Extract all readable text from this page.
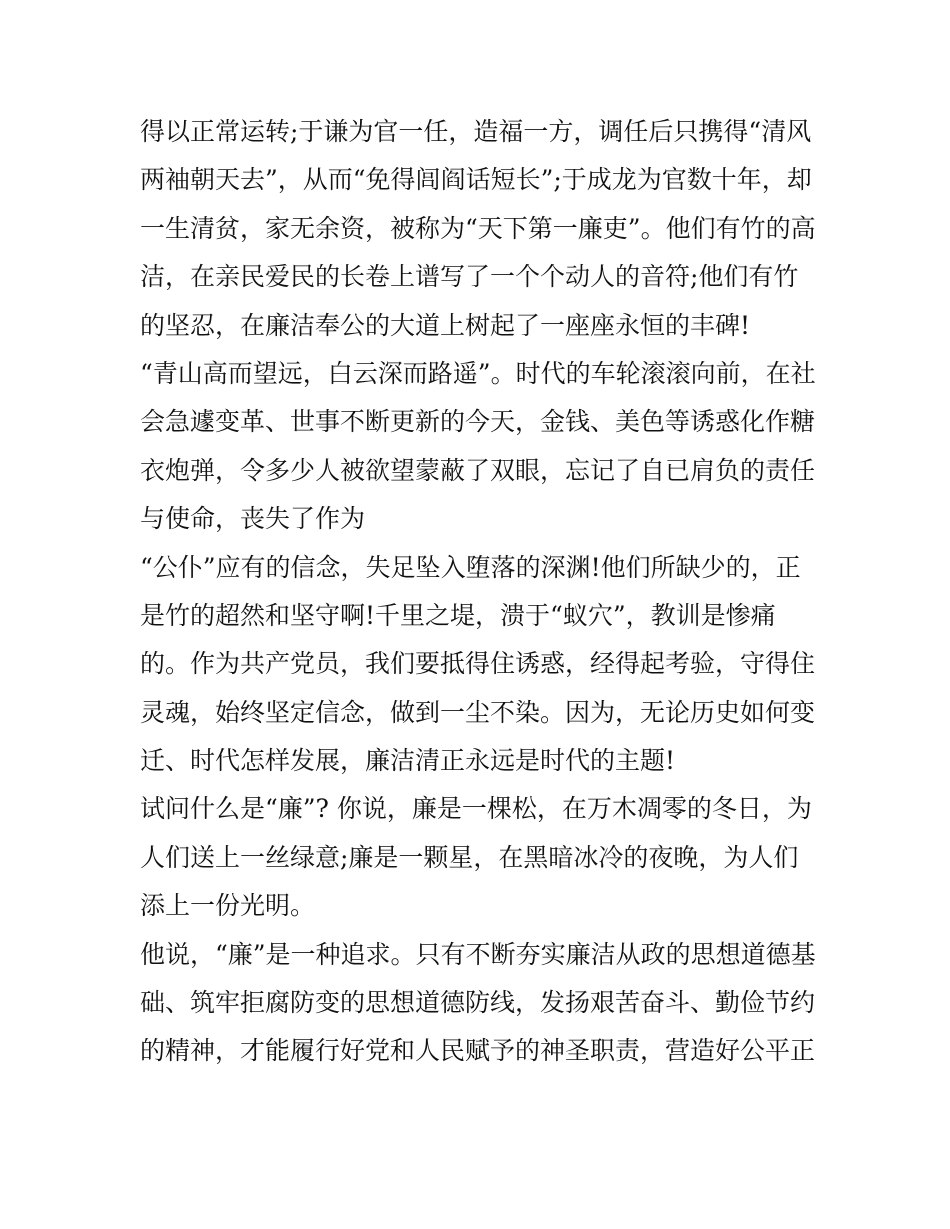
得以正常运转;于谦为官一任，造福一方，调任后只携得“清风
两袖朝天去”，从而“免得闾阎话短长”;于成龙为官数十年，却
一生清贫，家无余资，被称为“天下第一廉吏”。他们有竹的高
洁，在亲民爱民的长卷上谱写了一个个动人的音符;他们有竹
的坚忍，在廉洁奉公的大道上树起了一座座永恒的丰碑!
“青山高而望远，白云深而路遥”。时代的车轮滚滚向前，在社
会急遽变革、世事不断更新的今天，金钱、美色等诱惑化作糖
衣炮弹，令多少人被欲望蒙蔽了双眼，忘记了自已肩负的责任
与使命，丧失了作为
“公仆”应有的信念，失足坠入堕落的深渊!他们所缺少的，正
是竹的超然和坚守啊!千里之堤，溃于“蚁穴”，教训是惨痛
的。作为共产党员，我们要抵得住诱惑，经得起考验，守得住
灵魂，始终坚定信念，做到一尘不染。因为，无论历史如何变
迁、时代怎样发展，廉洁清正永远是时代的主题!
试问什么是“廉”? 你说，廉是一棵松，在万木凋零的冬日，为
人们送上一丝绿意;廉是一颗星，在黑暗冰冷的夜晚，为人们
添上一份光明。
他说，“廉”是一种追求。只有不断夯实廉洁从政的思想道德基
础、筑牢拒腐防变的思想道德防线，发扬艰苦奋斗、勤俭节约
的精神，才能履行好党和人民赋予的神圣职责，营造好公平正
